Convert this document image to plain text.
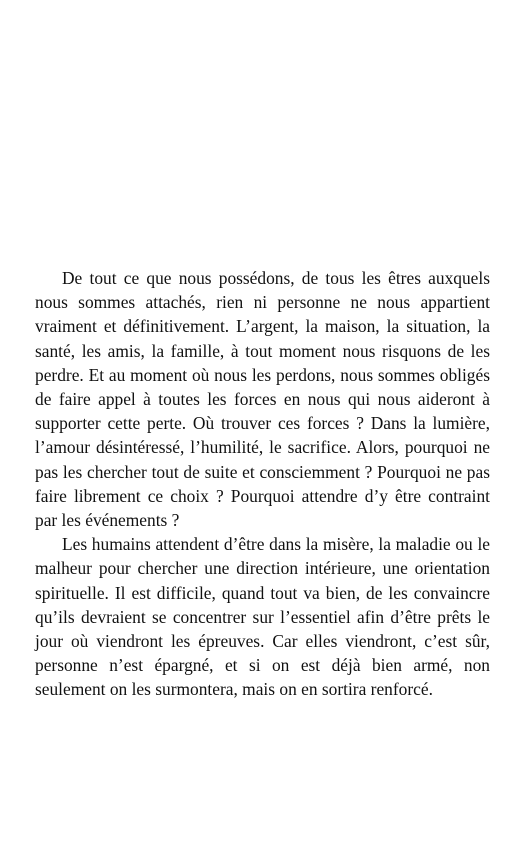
De tout ce que nous possédons, de tous les êtres auxquels nous sommes attachés, rien ni personne ne nous appartient vraiment et définitivement. L’argent, la maison, la situation, la santé, les amis, la famille, à tout moment nous risquons de les perdre. Et au moment où nous les perdons, nous sommes obligés de faire appel à toutes les forces en nous qui nous aideront à supporter cette perte. Où trouver ces forces ? Dans la lumière, l’amour désintéressé, l’humilité, le sacrifice. Alors, pourquoi ne pas les chercher tout de suite et consciemment ? Pourquoi ne pas faire librement ce choix ? Pourquoi attendre d’y être contraint par les événements ?

Les humains attendent d’être dans la misère, la maladie ou le malheur pour chercher une direction intérieure, une orientation spirituelle. Il est difficile, quand tout va bien, de les convaincre qu’ils devraient se concentrer sur l’essentiel afin d’être prêts le jour où viendront les épreuves. Car elles viendront, c’est sûr, personne n’est épargné, et si on est déjà bien armé, non seulement on les surmontera, mais on en sortira renforcé.
